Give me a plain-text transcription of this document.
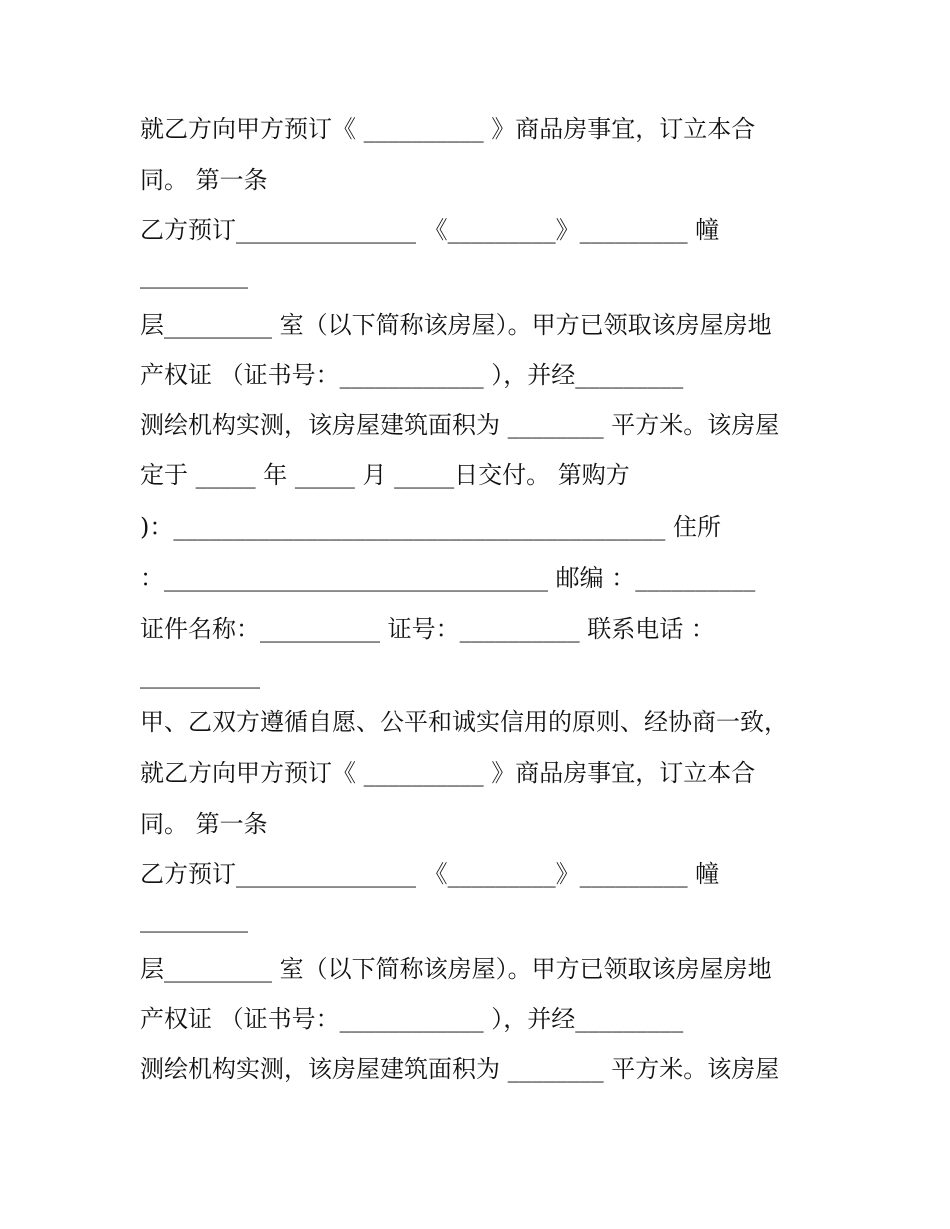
就乙方向甲方预订《 __________ 》商品房事宜，订立本合
同。 第一条
乙方预订_______________ 《_________》_________ 幢
_________
层_________ 室（以下简称该房屋）。甲方已领取该房屋房地
产权证 （证书号：____________ ），并经_________
测绘机构实测，该房屋建筑面积为 ________ 平方米。该房屋
定于 _____ 年 _____ 月 _____日交付。 第购方
)：_________________________________________ 住所
：________________________________ 邮编 ：__________
证件名称：__________ 证号：__________ 联系电话 ：
__________
甲、乙双方遵循自愿、公平和诚实信用的原则、经协商一致，
就乙方向甲方预订《 __________ 》商品房事宜，订立本合
同。 第一条
乙方预订_______________ 《_________》_________ 幢
_________
层_________ 室（以下简称该房屋）。甲方已领取该房屋房地
产权证 （证书号：____________ ），并经_________
测绘机构实测，该房屋建筑面积为 ________ 平方米。该房屋
